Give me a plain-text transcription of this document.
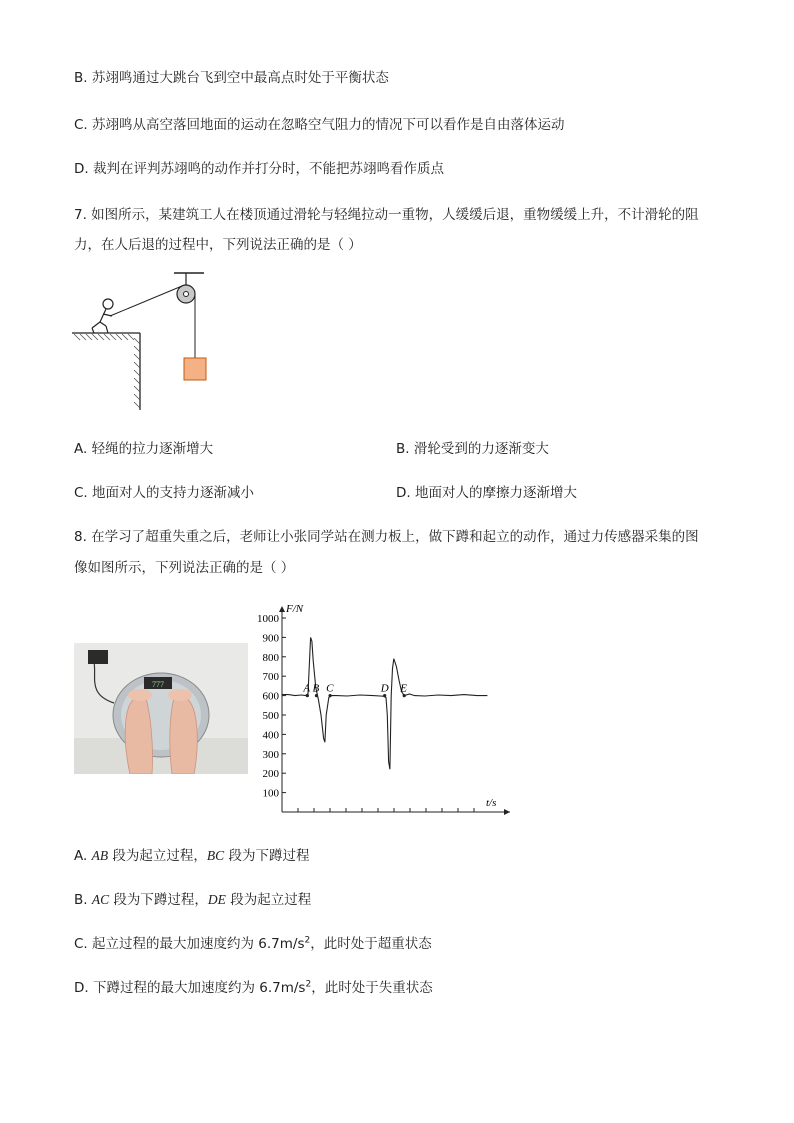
B. 苏翊鸣通过大跳台飞到空中最高点时处于平衡状态
C. 苏翊鸣从高空落回地面的运动在忽略空气阻力的情况下可以看作是自由落体运动
D. 裁判在评判苏翊鸣的动作并打分时，不能把苏翊鸣看作质点
7. 如图所示，某建筑工人在楼顶通过滑轮与轻绳拉动一重物，人缓缓后退，重物缓缓上升，不计滑轮的阻
力，在人后退的过程中，下列说法正确的是（ ）
A. 轻绳的拉力逐渐增大	B. 滑轮受到的力逐渐变大
C. 地面对人的支持力逐渐减小	D. 地面对人的摩擦力逐渐增大
8. 在学习了超重失重之后，老师让小张同学站在测力板上，做下蹲和起立的动作，通过力传感器采集的图
像如图所示，下列说法正确的是（ ）
777
100
200
300
400
500
600
700
800
900
1000
A B C	D E
F/N
t/s
A. AB 段为起立过程，BC 段为下蹲过程
B. AC 段为下蹲过程，DE 段为起立过程
C. 起立过程的最大加速度约为 $6.7m/s^2$，此时处于超重状态
D. 下蹲过程的最大加速度约为 $6.7m/s^2$，此时处于失重状态
